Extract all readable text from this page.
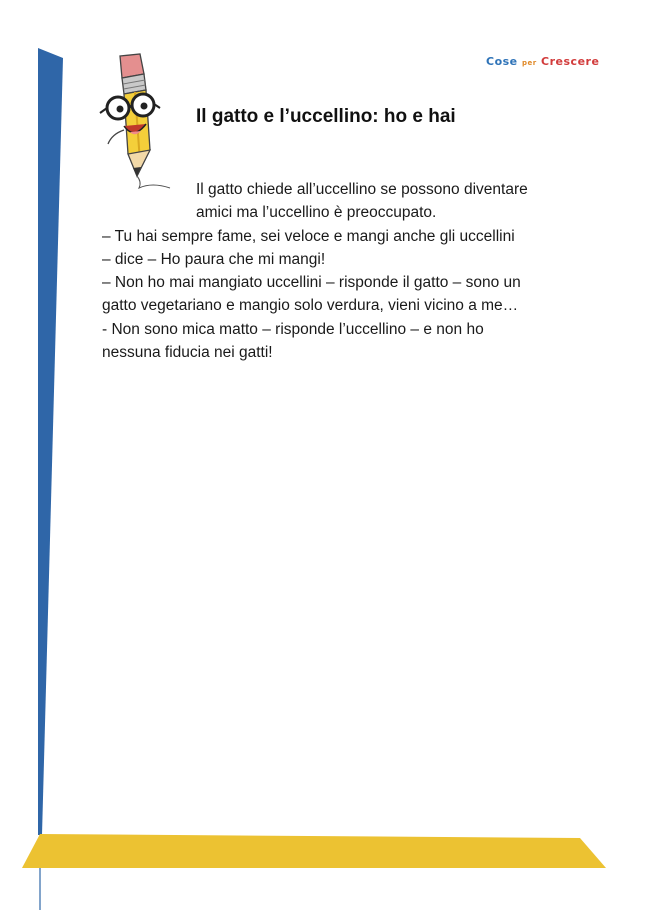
Cose per Crescere
Il gatto e l’uccellino: ho e hai

Il gatto chiede all’uccellino se possono diventare

amici ma l’uccellino è preoccupato.

– Tu hai sempre fame, sei veloce e mangi anche gli uccellini

– dice – Ho paura che mi mangi!

– Non ho mai mangiato uccellini – risponde il gatto – sono un

gatto vegetariano e mangio solo verdura, vieni vicino a me…

- Non sono mica matto – risponde l’uccellino – e non ho

nessuna fiducia nei gatti!
